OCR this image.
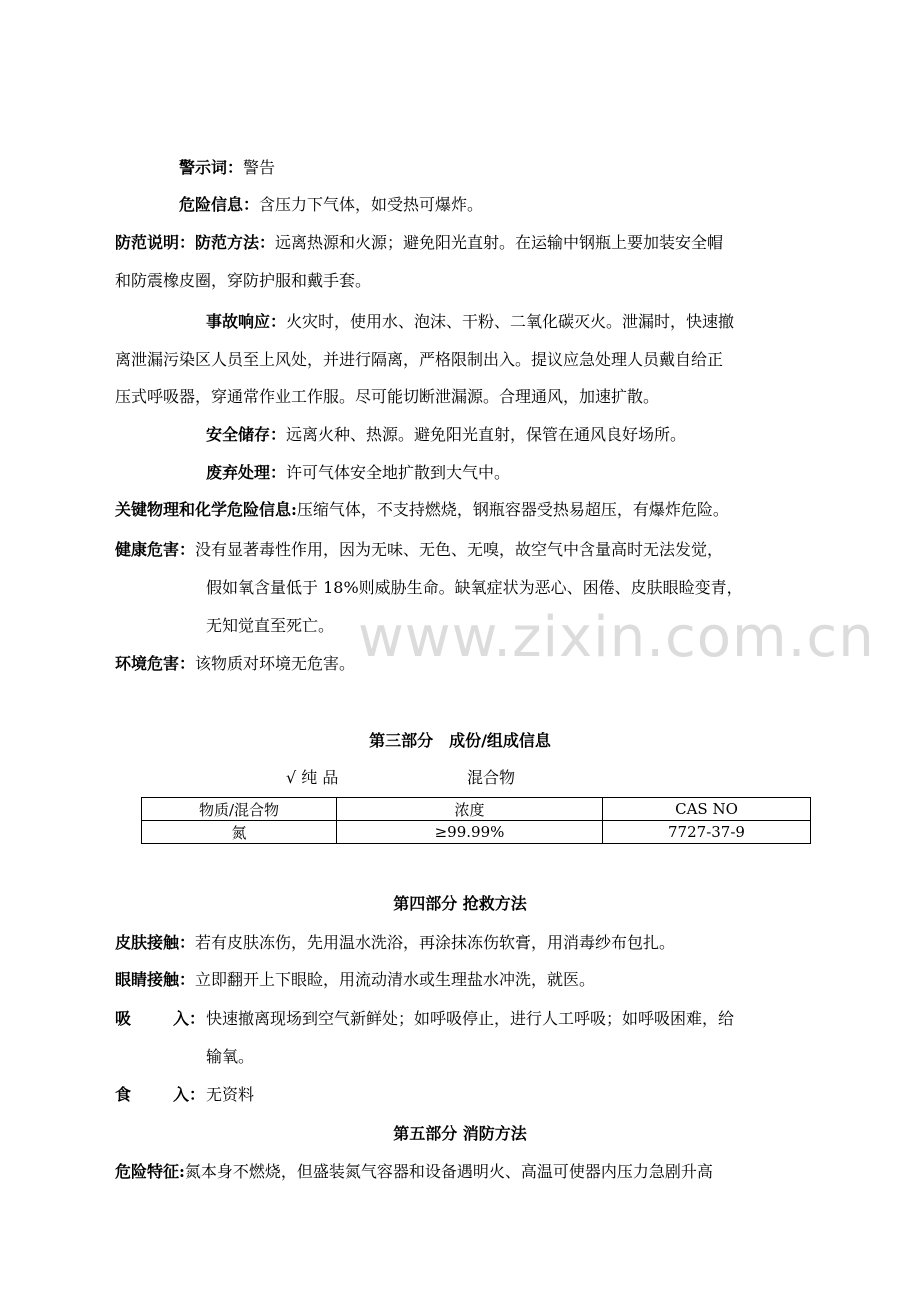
www.zixin.com.cn
警示词：警告
危险信息：含压力下气体，如受热可爆炸。
防范说明：防范方法：远离热源和火源；避免阳光直射。在运输中钢瓶上要加装安全帽
和防震橡皮圈，穿防护服和戴手套。
事故响应：火灾时，使用水、泡沫、干粉、二氧化碳灭火。泄漏时，快速撤
离泄漏污染区人员至上风处，并进行隔离，严格限制出入。提议应急处理人员戴自给正
压式呼吸器，穿通常作业工作服。尽可能切断泄漏源。合理通风，加速扩散。
安全储存：远离火种、热源。避免阳光直射，保管在通风良好场所。
废弃处理：许可气体安全地扩散到大气中。
关键物理和化学危险信息:压缩气体，不支持燃烧，钢瓶容器受热易超压，有爆炸危险。
健康危害：没有显著毒性作用，因为无味、无色、无嗅，故空气中含量高时无法发觉，
假如氧含量低于 18%则威胁生命。缺氧症状为恶心、困倦、皮肤眼睑变青，
无知觉直至死亡。
环境危害：该物质对环境无危害。
第三部分　成份/组成信息
√ 纯 品	混合物
物质/混合物	浓度	CAS NO
氮	≥99.99%	7727-37-9
第四部分 抢救方法
皮肤接触：若有皮肤冻伤，先用温水洗浴，再涂抹冻伤软膏，用消毒纱布包扎。
眼睛接触：立即翻开上下眼睑，用流动清水或生理盐水冲洗，就医。
吸	入： 快速撤离现场到空气新鲜处；如呼吸停止，进行人工呼吸；如呼吸困难，给
输氧。
食	入： 无资料
第五部分 消防方法
危险特征:氮本身不燃烧，但盛装氮气容器和设备遇明火、高温可使器内压力急剧升高
